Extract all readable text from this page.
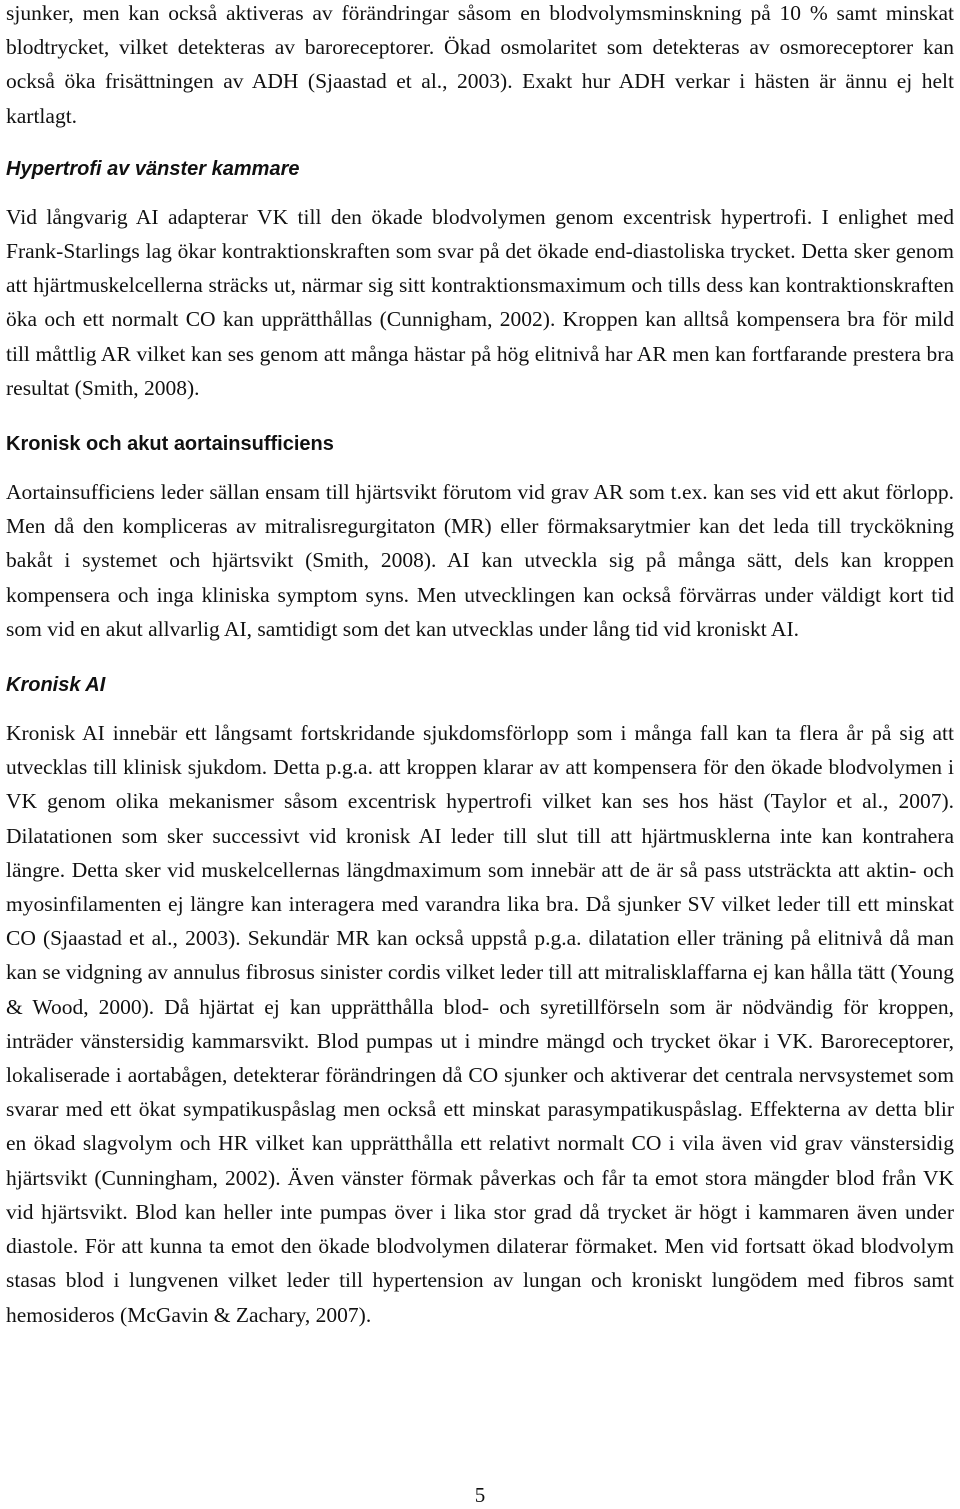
sjunker, men kan också aktiveras av förändringar såsom en blodvolymsminskning på 10 % samt minskat blodtrycket, vilket detekteras av baroreceptorer. Ökad osmolaritet som detekteras av osmoreceptorer kan också öka frisättningen av ADH (Sjaastad et al., 2003). Exakt hur ADH verkar i hästen är ännu ej helt kartlagt.

Hypertrofi av vänster kammare

Vid långvarig AI adapterar VK till den ökade blodvolymen genom excentrisk hypertrofi. I enlighet med Frank-Starlings lag ökar kontraktionskraften som svar på det ökade end-diastoliska trycket. Detta sker genom att hjärtmuskelcellerna sträcks ut, närmar sig sitt kontraktionsmaximum och tills dess kan kontraktionskraften öka och ett normalt CO kan upprätthållas (Cunnigham, 2002). Kroppen kan alltså kompensera bra för mild till måttlig AR vilket kan ses genom att många hästar på hög elitnivå har AR men kan fortfarande prestera bra resultat (Smith, 2008).

Kronisk och akut aortainsufficiens

Aortainsufficiens leder sällan ensam till hjärtsvikt förutom vid grav AR som t.ex. kan ses vid ett akut förlopp. Men då den kompliceras av mitralisregurgitaton (MR) eller förmaksarytmier kan det leda till tryckökning bakåt i systemet och hjärtsvikt (Smith, 2008). AI kan utveckla sig på många sätt, dels kan kroppen kompensera och inga kliniska symptom syns. Men utvecklingen kan också förvärras under väldigt kort tid som vid en akut allvarlig AI, samtidigt som det kan utvecklas under lång tid vid kroniskt AI.

Kronisk AI

Kronisk AI innebär ett långsamt fortskridande sjukdomsförlopp som i många fall kan ta flera år på sig att utvecklas till klinisk sjukdom. Detta p.g.a. att kroppen klarar av att kompensera för den ökade blodvolymen i VK genom olika mekanismer såsom excentrisk hypertrofi vilket kan ses hos häst (Taylor et al., 2007). Dilatationen som sker successivt vid kronisk AI leder till slut till att hjärtmusklerna inte kan kontrahera längre. Detta sker vid muskelcellernas längdmaximum som innebär att de är så pass utsträckta att aktin- och myosinfilamenten ej längre kan interagera med varandra lika bra. Då sjunker SV vilket leder till ett minskat CO (Sjaastad et al., 2003). Sekundär MR kan också uppstå p.g.a. dilatation eller träning på elitnivå då man kan se vidgning av annulus fibrosus sinister cordis vilket leder till att mitralisklaffarna ej kan hålla tätt (Young & Wood, 2000). Då hjärtat ej kan upprätthålla blod- och syretillförseln som är nödvändig för kroppen, inträder vänstersidig kammarsvikt. Blod pumpas ut i mindre mängd och trycket ökar i VK. Baroreceptorer, lokaliserade i aortabågen, detekterar förändringen då CO sjunker och aktiverar det centrala nervsystemet som svarar med ett ökat sympatikuspåslag men också ett minskat parasympatikuspåslag. Effekterna av detta blir en ökad slagvolym och HR vilket kan upprätthålla ett relativt normalt CO i vila även vid grav vänstersidig hjärtsvikt (Cunningham, 2002). Även vänster förmak påverkas och får ta emot stora mängder blod från VK vid hjärtsvikt. Blod kan heller inte pumpas över i lika stor grad då trycket är högt i kammaren även under diastole. För att kunna ta emot den ökade blodvolymen dilaterar förmaket. Men vid fortsatt ökad blodvolym stasas blod i lungvenen vilket leder till hypertension av lungan och kroniskt lungödem med fibros samt hemosideros (McGavin & Zachary, 2007).

5
